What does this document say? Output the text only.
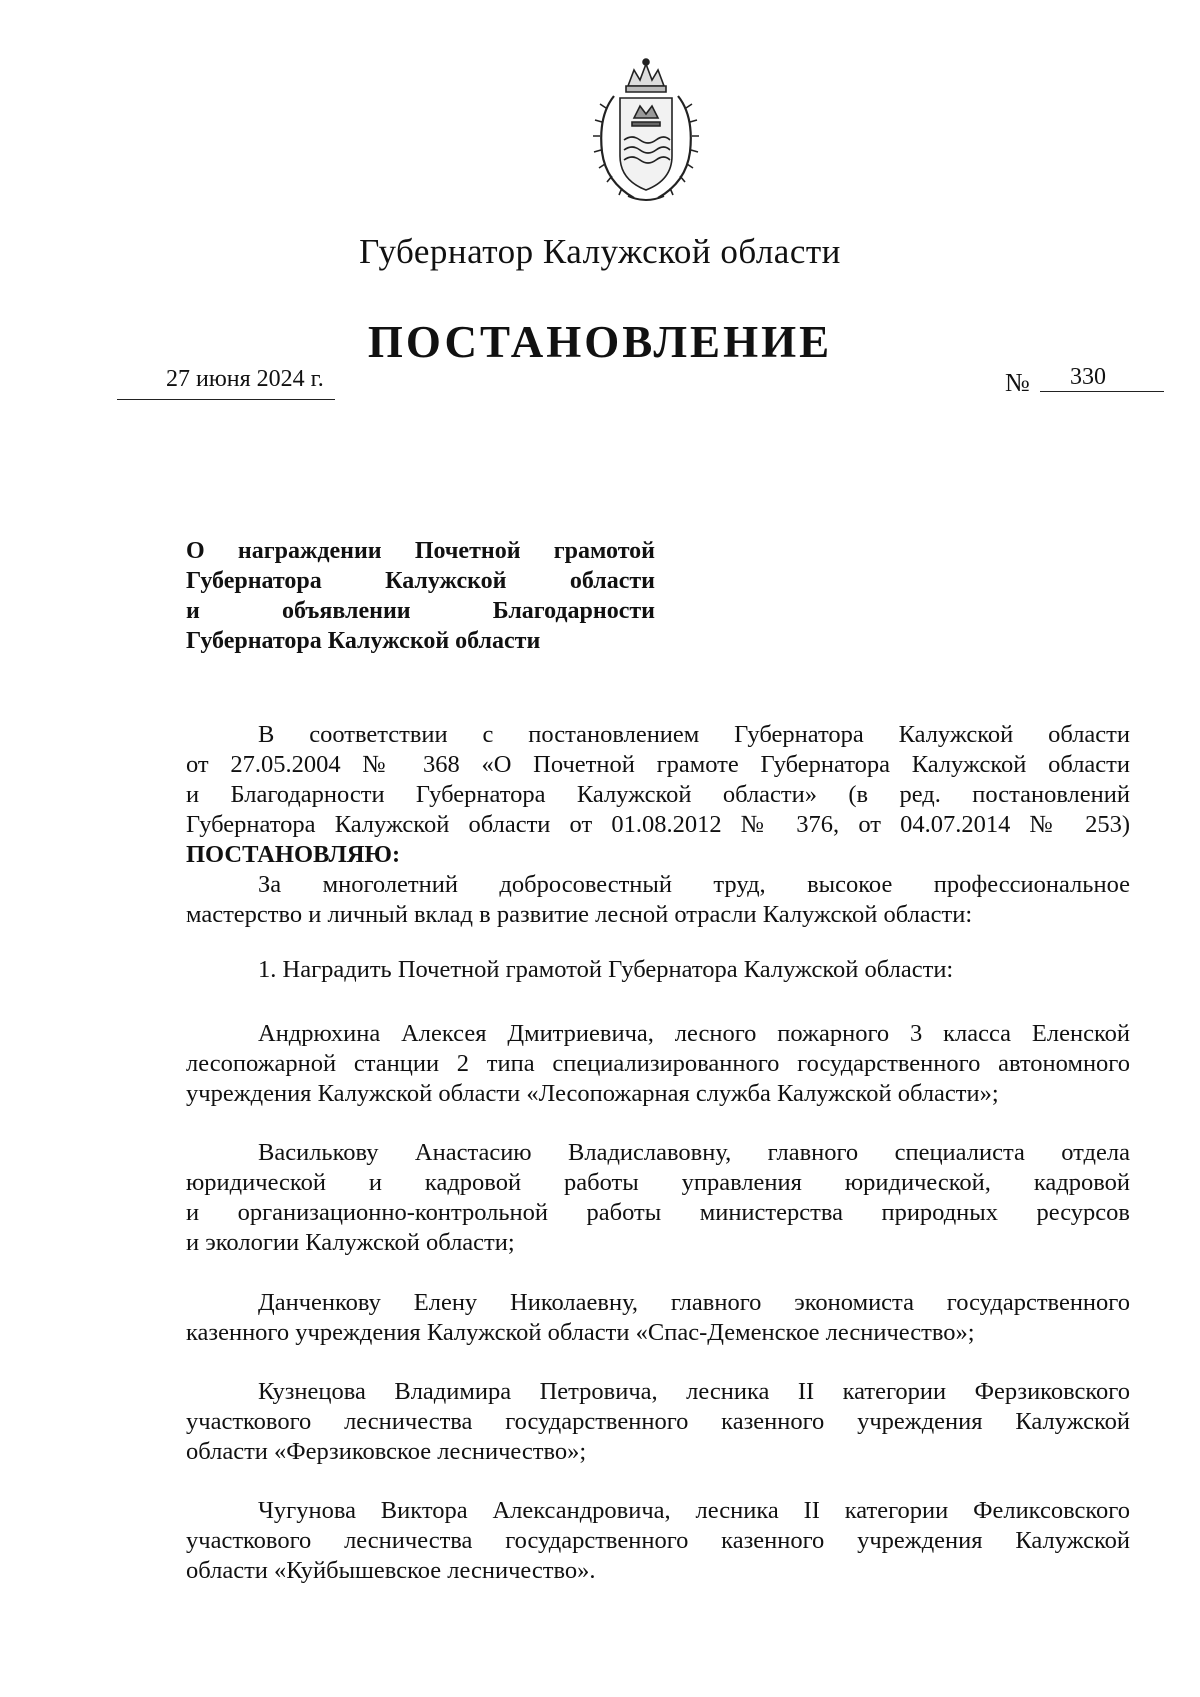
Губернатор Калужской области
ПОСТАНОВЛЕНИЕ
27 июня 2024 г.	№ 330
О награждении Почетной грамотой
Губернатора Калужской области
и объявлении Благодарности
Губернатора Калужской области
В соответствии с постановлением Губернатора Калужской области
от 27.05.2004 № 368 «О Почетной грамоте Губернатора Калужской области
и Благодарности Губернатора Калужской области» (в ред. постановлений
Губернатора Калужской области от 01.08.2012 № 376, от 04.07.2014 № 253)
ПОСТАНОВЛЯЮ:
За многолетний добросовестный труд, высокое профессиональное
мастерство и личный вклад в развитие лесной отрасли Калужской области:
1. Наградить Почетной грамотой Губернатора Калужской области:
Андрюхина Алексея Дмитриевича, лесного пожарного 3 класса Еленской
лесопожарной станции 2 типа специализированного государственного автономного
учреждения Калужской области «Лесопожарная служба Калужской области»;
Василькову Анастасию Владиславовну, главного специалиста отдела
юридической и кадровой работы управления юридической, кадровой
и организационно-контрольной работы министерства природных ресурсов
и экологии Калужской области;
Данченкову Елену Николаевну, главного экономиста государственного
казенного учреждения Калужской области «Спас-Деменское лесничество»;
Кузнецова Владимира Петровича, лесника II категории Ферзиковского
участкового лесничества государственного казенного учреждения Калужской
области «Ферзиковское лесничество»;
Чугунова Виктора Александровича, лесника II категории Феликсовского
участкового лесничества государственного казенного учреждения Калужской
области «Куйбышевское лесничество».
